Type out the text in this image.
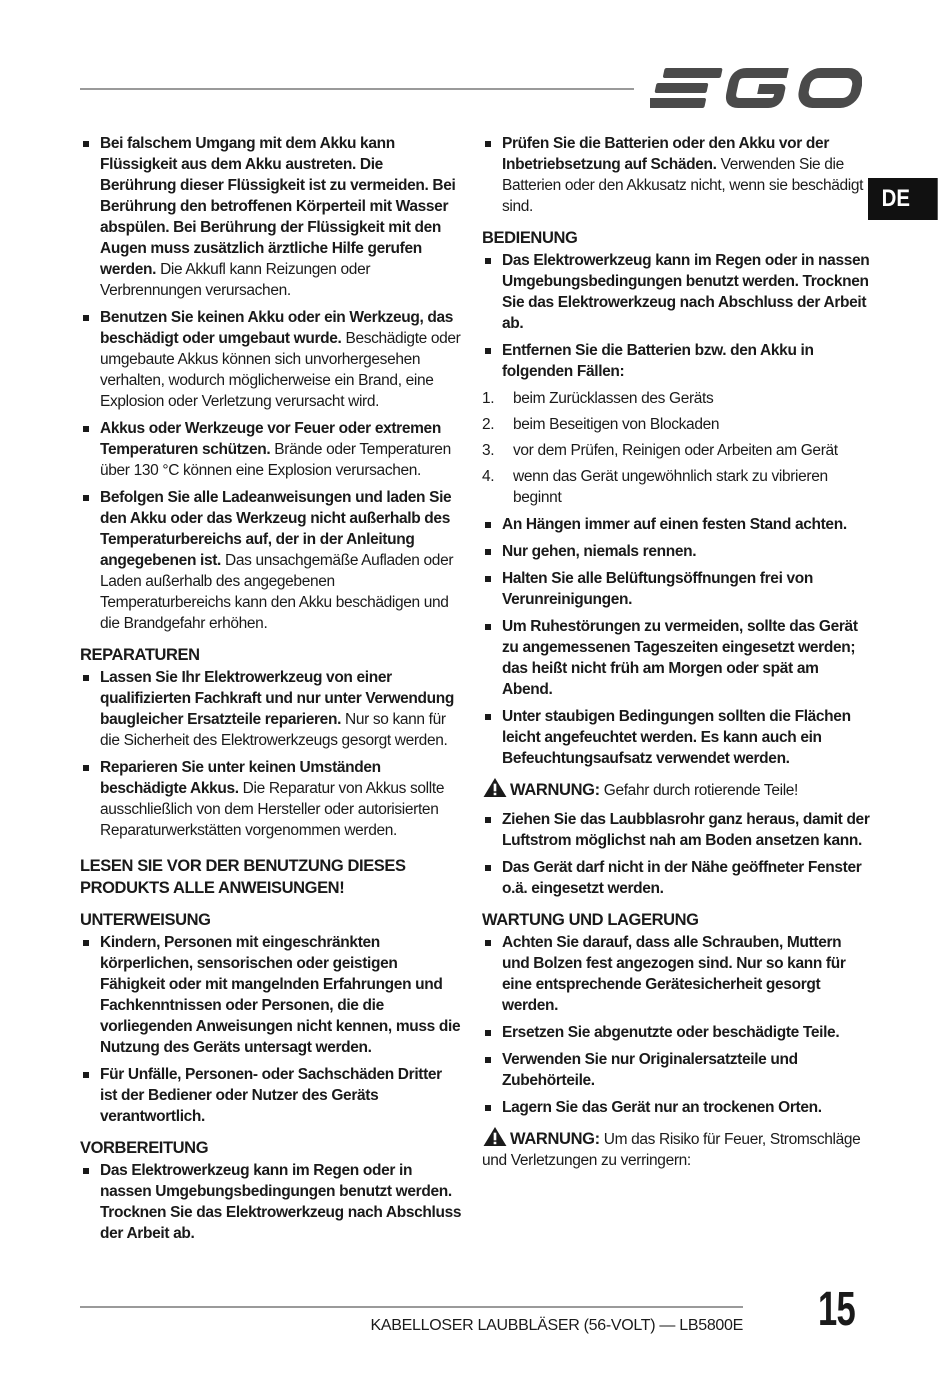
DE
Bei falschem Umgang mit dem Akku kann Flüssigkeit aus dem Akku austreten. Die Berührung dieser Flüssigkeit ist zu vermeiden. Bei Berührung den betroffenen Körperteil mit Wasser abspülen. Bei Berührung der Flüssigkeit mit den Augen muss zusätzlich ärztliche Hilfe gerufen werden. Die Akkufl kann Reizungen oder Verbrennungen verursachen.
Benutzen Sie keinen Akku oder ein Werkzeug, das beschädigt oder umgebaut wurde. Beschädigte oder umgebaute Akkus können sich unvorhergesehen verhalten, wodurch möglicherweise ein Brand, eine Explosion oder Verletzung verursacht wird.
Akkus oder Werkzeuge vor Feuer oder extremen Temperaturen schützen. Brände oder Temperaturen über 130 °C können eine Explosion verursachen.
Befolgen Sie alle Ladeanweisungen und laden Sie den Akku oder das Werkzeug nicht außerhalb des Temperaturbereichs auf, der in der Anleitung angegebenen ist. Das unsachgemäße Aufladen oder Laden außerhalb des angegebenen Temperaturbereichs kann den Akku beschädigen und die Brandgefahr erhöhen.
REPARATUREN
Lassen Sie Ihr Elektrowerkzeug von einer qualifizierten Fachkraft und nur unter Verwendung baugleicher Ersatzteile reparieren. Nur so kann für die Sicherheit des Elektrowerkzeugs gesorgt werden.
Reparieren Sie unter keinen Umständen beschädigte Akkus. Die Reparatur von Akkus sollte ausschließlich von dem Hersteller oder autorisierten Reparaturwerkstätten vorgenommen werden.
LESEN SIE VOR DER BENUTZUNG DIESES PRODUKTS ALLE ANWEISUNGEN!
UNTERWEISUNG
Kindern, Personen mit eingeschränkten körperlichen, sensorischen oder geistigen Fähigkeit oder mit mangelnden Erfahrungen und Fachkenntnissen oder Personen, die die vorliegenden Anweisungen nicht kennen, muss die Nutzung des Geräts untersagt werden.
Für Unfälle, Personen- oder Sachschäden Dritter ist der Bediener oder Nutzer des Geräts verantwortlich.
VORBEREITUNG
Das Elektrowerkzeug kann im Regen oder in nassen Umgebungsbedingungen benutzt werden. Trocknen Sie das Elektrowerkzeug nach Abschluss der Arbeit ab.
Prüfen Sie die Batterien oder den Akku vor der Inbetriebsetzung auf Schäden. Verwenden Sie die Batterien oder den Akkusatz nicht, wenn sie beschädigt sind.
BEDIENUNG
Das Elektrowerkzeug kann im Regen oder in nassen Umgebungsbedingungen benutzt werden. Trocknen Sie das Elektrowerkzeug nach Abschluss der Arbeit ab.
Entfernen Sie die Batterien bzw. den Akku in folgenden Fällen:
1.	beim Zurücklassen des Geräts
2.	beim Beseitigen von Blockaden
3.	vor dem Prüfen, Reinigen oder Arbeiten am Gerät
4.	wenn das Gerät ungewöhnlich stark zu vibrieren beginnt
An Hängen immer auf einen festen Stand achten.
Nur gehen, niemals rennen.
Halten Sie alle Belüftungsöffnungen frei von Verunreinigungen.
Um Ruhestörungen zu vermeiden, sollte das Gerät zu angemessenen Tageszeiten eingesetzt werden; das heißt nicht früh am Morgen oder spät am Abend.
Unter staubigen Bedingungen sollten die Flächen leicht angefeuchtet werden. Es kann auch ein Befeuchtungsaufsatz verwendet werden.

WARNUNG: Gefahr durch rotierende Teile!

Ziehen Sie das Laubblasrohr ganz heraus, damit der Luftstrom möglichst nah am Boden ansetzen kann.
Das Gerät darf nicht in der Nähe geöffneter Fenster o.ä. eingesetzt werden.
WARTUNG UND LAGERUNG
Achten Sie darauf, dass alle Schrauben, Muttern und Bolzen fest angezogen sind. Nur so kann für eine entsprechende Gerätesicherheit gesorgt werden.
Ersetzen Sie abgenutzte oder beschädigte Teile.
Verwenden Sie nur Originalersatzteile und Zubehörteile.
Lagern Sie das Gerät nur an trockenen Orten.

WARNUNG: Um das Risiko für Feuer, Stromschläge und Verletzungen zu verringern:

KABELLOSER LAUBBLÄSER (56-VOLT) — LB5800E 15
